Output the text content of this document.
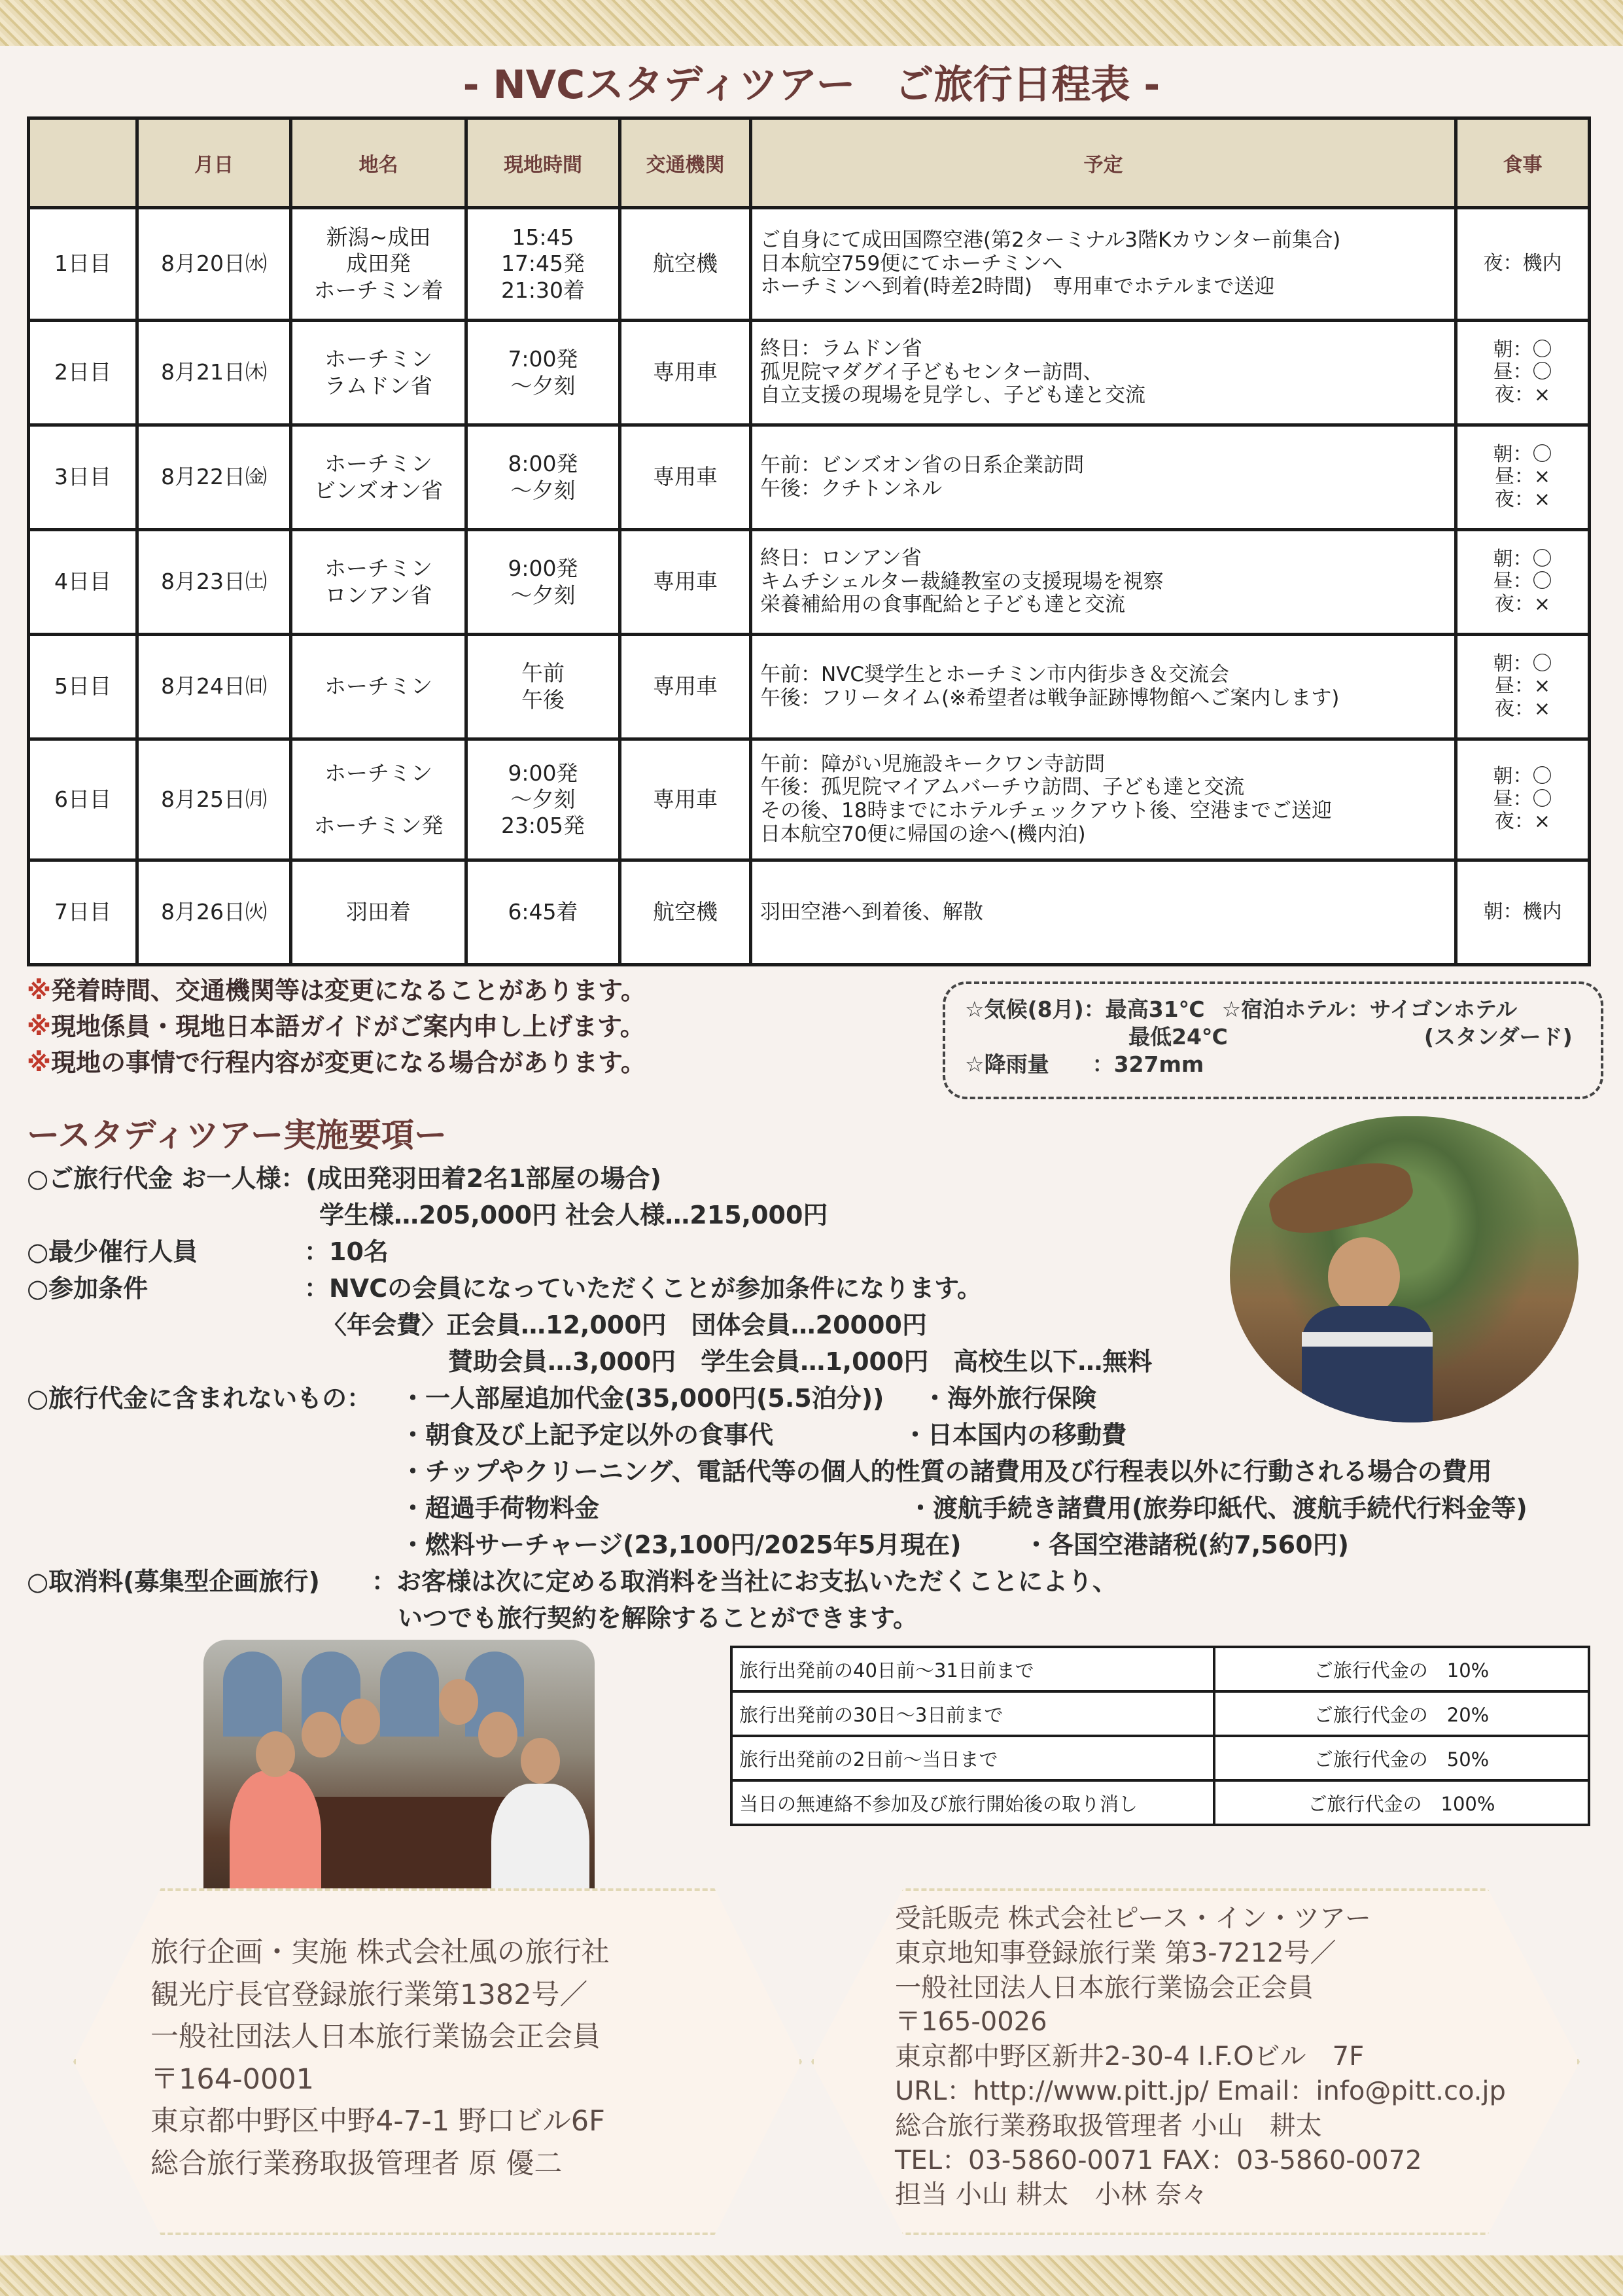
- NVCスタディツアー　ご旅行日程表 -
	月日	地名	現地時間	交通機関	予定	食事
1日目	8月20日㈬	新潟~成田
成田発
ホーチミン着	15:45
17:45発
21:30着	航空機	ご自身にて成田国際空港(第2ターミナル3階Kカウンター前集合)
日本航空759便にてホーチミンへ
ホーチミンへ到着(時差2時間)　専用車でホテルまで送迎	夜：機内

2日目	8月21日㈭	ホーチミン
ラムドン省	7:00発
～夕刻	専用車	終日：ラムドン省
孤児院マダグイ子どもセンター訪問、
自立支援の現場を見学し、子ども達と交流	朝：〇
昼：〇
夜：×

3日目	8月22日㈮	ホーチミン
ビンズオン省	8:00発
～夕刻	専用車	午前：ビンズオン省の日系企業訪問
午後：クチトンネル	朝：〇
昼：×
夜：×

4日目	8月23日㈯	ホーチミン
ロンアン省	9:00発
～夕刻	専用車	終日：ロンアン省
キムチシェルター裁縫教室の支援現場を視察
栄養補給用の食事配給と子ども達と交流	朝：〇
昼：〇
夜：×

5日目	8月24日㈰	ホーチミン	午前
午後	専用車	午前：NVC奨学生とホーチミン市内街歩き＆交流会
午後：フリータイム(※希望者は戦争証跡博物館へご案内します)	朝：〇
昼：×
夜：×

6日目	8月25日㈪	ホーチミン

ホーチミン発	9:00発
～夕刻
23:05発	専用車	午前：障がい児施設キークワン寺訪問
午後：孤児院マイアムバーチウ訪問、子ども達と交流
その後、18時までにホテルチェックアウト後、空港までご送迎
日本航空70便に帰国の途へ(機内泊)	朝：〇
昼：〇
夜：×

7日目	8月26日㈫	羽田着	6:45着	航空機	羽田空港へ到着後、解散	朝：機内
※発着時間、交通機関等は変更になることがあります。
※現地係員・現地日本語ガイドがご案内申し上げます。
※現地の事情で行程内容が変更になる場合があります。
☆気候(8月)： 最高31℃ ☆宿泊ホテル： サイゴンホテル
最低24℃	(スタンダード)
☆降雨量　　： 327mm
ースタディツアー実施要項ー
○ご旅行代金 お一人様：(成田発羽田着2名1部屋の場合)
学生様…205,000円 社会人様…215,000円
○最少催行人員	：10名
○参加条件	：NVCの会員になっていただくことが参加条件になります。
〈年会費〉正会員…12,000円　団体会員…20000円
賛助会員…3,000円　学生会員…1,000円　高校生以下…無料
○旅行代金に含まれないもの： ・一人部屋追加代金(35,000円(5.5泊分)) ・海外旅行保険
・朝食及び上記予定以外の食事代	・日本国内の移動費
・チップやクリーニング、電話代等の個人的性質の諸費用及び行程表以外に行動される場合の費用
・超過手荷物料金	・渡航手続き諸費用(旅券印紙代、渡航手続代行料金等)
・燃料サーチャージ(23,100円/2025年5月現在)	・各国空港諸税(約7,560円)
○取消料(募集型企画旅行) ：お客様は次に定める取消料を当社にお支払いただくことにより、
いつでも旅行契約を解除することができます。
旅行出発前の40日前～31日前まで	ご旅行代金の　10%
旅行出発前の30日～3日前まで	ご旅行代金の　20%
旅行出発前の2日前～当日まで	ご旅行代金の　50%
当日の無連絡不参加及び旅行開始後の取り消し	ご旅行代金の　100%
旅行企画・実施 株式会社風の旅行社
観光庁長官登録旅行業第1382号／
一般社団法人日本旅行業協会正会員
〒164-0001
東京都中野区中野4-7-1 野口ビル6F
総合旅行業務取扱管理者 原 優二
受託販売 株式会社ピース・イン・ツアー
東京地知事登録旅行業 第3-7212号／
一般社団法人日本旅行業協会正会員
〒165-0026
東京都中野区新井2-30-4 I.F.Oビル　7F
URL：http://www.pitt.jp/ Email：info@pitt.co.jp
総合旅行業務取扱管理者 小山　耕太
TEL：03-5860-0071 FAX：03-5860-0072
担当 小山 耕太　小林 奈々
